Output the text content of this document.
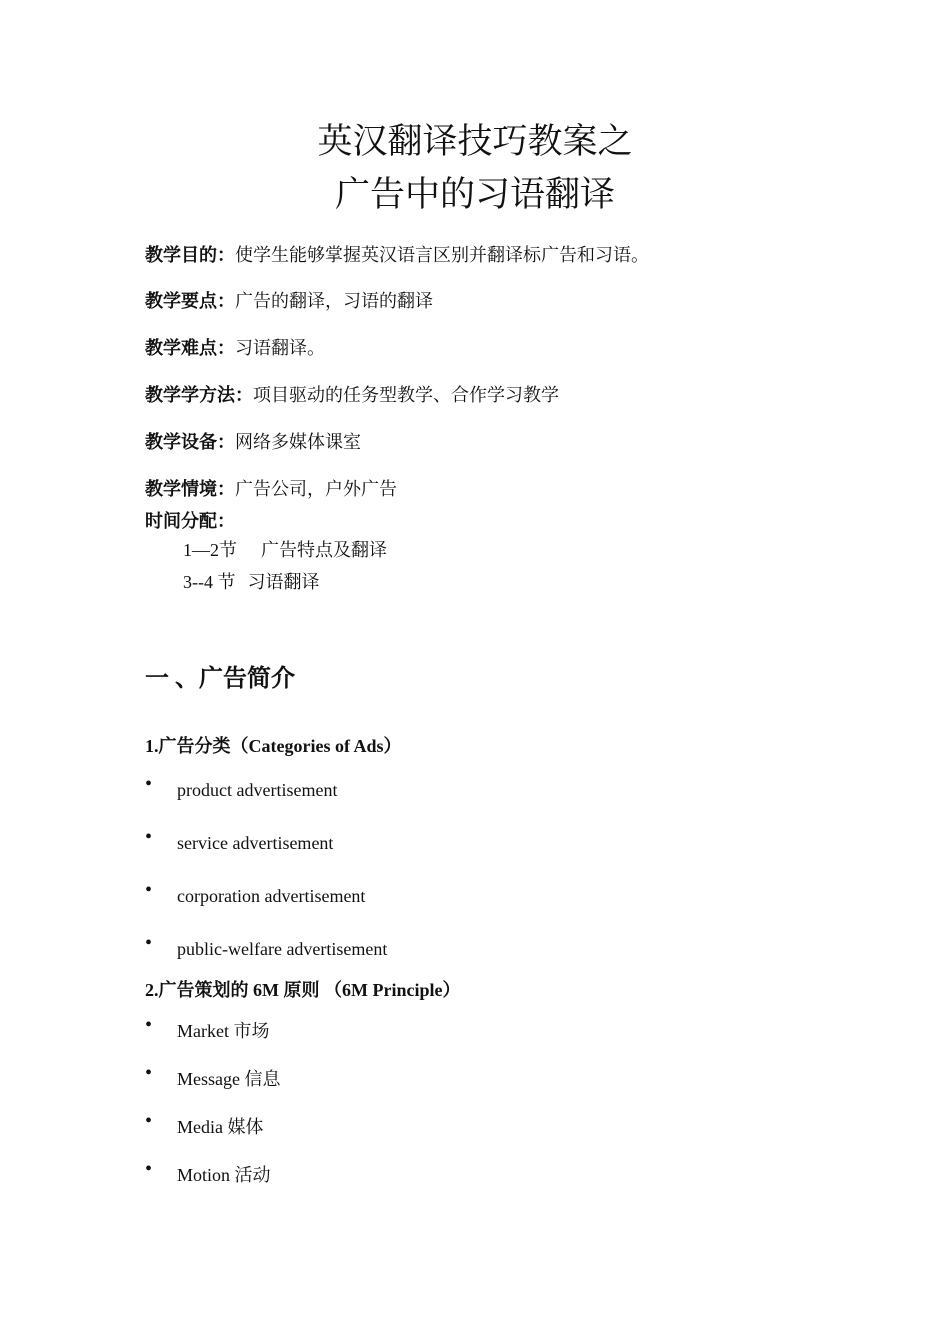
英汉翻译技巧教案之
广告中的习语翻译
教学目的：使学生能够掌握英汉语言区别并翻译标广告和习语。
教学要点：广告的翻译，习语的翻译
教学难点：习语翻译。
教学学方法：项目驱动的任务型教学、合作学习教学
教学设备：网络多媒体课室
教学情境：广告公司，户外广告
时间分配：
1—2节 广告特点及翻译
3--4 节 习语翻译
一 、广告简介
1.广告分类（Categories of Ads）
• product advertisement
• service advertisement
• corporation advertisement
• public-welfare advertisement
2.广告策划的 6M 原则 （6M Principle）
• Market 市场
• Message 信息
• Media 媒体
• Motion 活动
